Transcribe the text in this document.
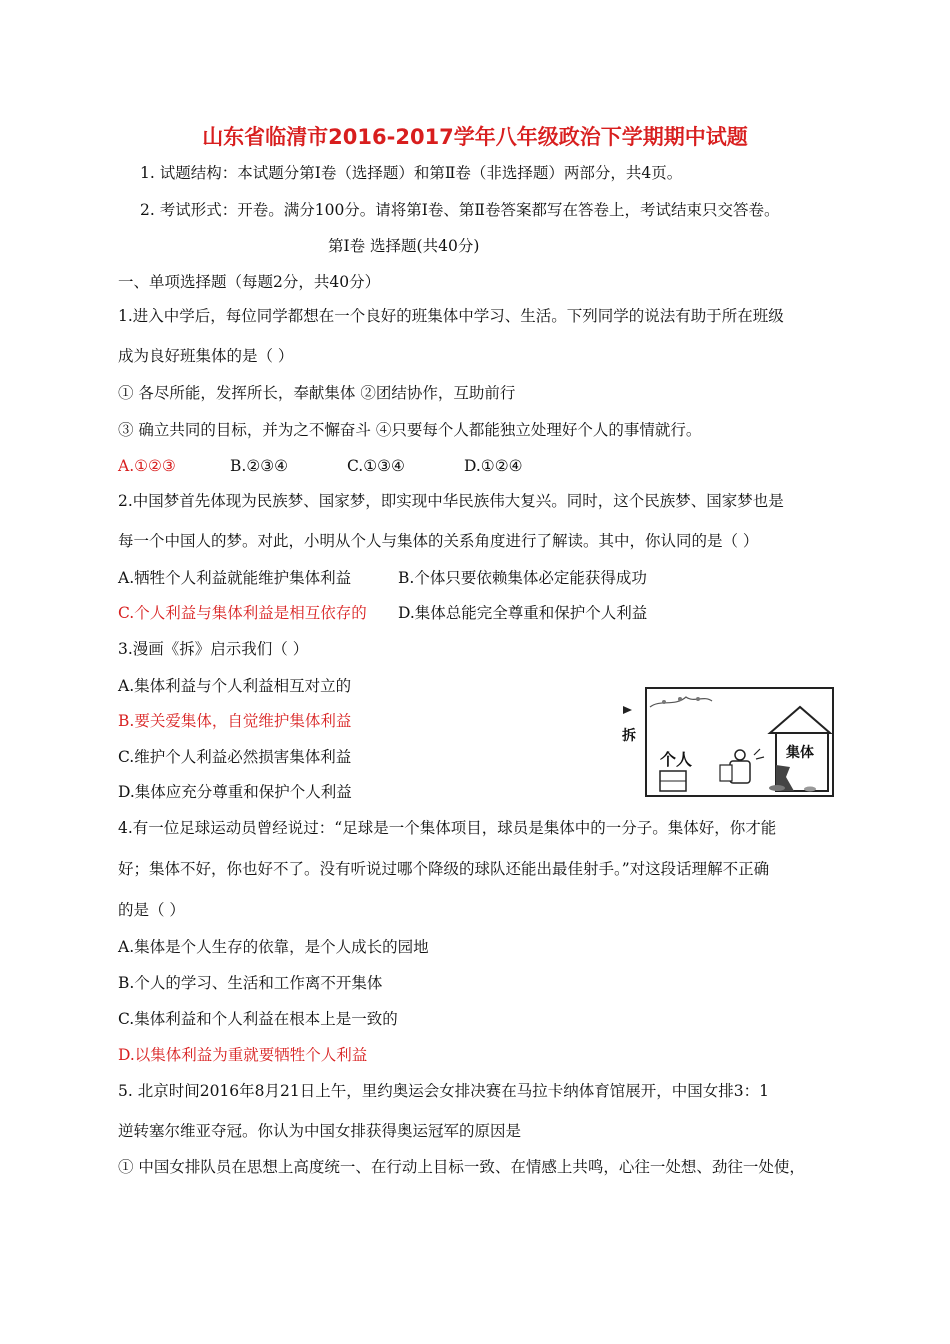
山东省临清市2016-2017学年八年级政治下学期期中试题
1. 试题结构：本试题分第Ⅰ卷（选择题）和第Ⅱ卷（非选择题）两部分，共4页。
2. 考试形式：开卷。满分100分。请将第Ⅰ卷、第Ⅱ卷答案都写在答卷上，考试结束只交答卷。
第Ⅰ卷 选择题(共40分)
一、单项选择题（每题2分，共40分）
1.进入中学后，每位同学都想在一个良好的班集体中学习、生活。下列同学的说法有助于所在班级
成为良好班集体的是（ ）
① 各尽所能，发挥所长，奉献集体 ②团结协作，互助前行
③ 确立共同的目标，并为之不懈奋斗 ④只要每个人都能独立处理好个人的事情就行。
A.①②③	B.②③④	C.①③④	D.①②④
2.中国梦首先体现为民族梦、国家梦，即实现中华民族伟大复兴。同时，这个民族梦、国家梦也是
每一个中国人的梦。对此，小明从个人与集体的关系角度进行了解读。其中，你认同的是（ ）
A.牺牲个人利益就能维护集体利益	B.个体只要依赖集体必定能获得成功
C.个人利益与集体利益是相互依存的 D.集体总能完全尊重和保护个人利益
3.漫画《拆》启示我们（ ）
A.集体利益与个人利益相互对立的
B.要关爱集体，自觉维护集体利益
C.维护个人利益必然损害集体利益
D.集体应充分尊重和保护个人利益
拆
个人	集体
4.有一位足球运动员曾经说过：“足球是一个集体项目，球员是集体中的一分子。集体好，你才能
好；集体不好，你也好不了。没有听说过哪个降级的球队还能出最佳射手。”对这段话理解不正确
的是（ ）
A.集体是个人生存的依靠，是个人成长的园地
B.个人的学习、生活和工作离不开集体
C.集体利益和个人利益在根本上是一致的
D.以集体利益为重就要牺牲个人利益
5. 北京时间2016年8月21日上午，里约奥运会女排决赛在马拉卡纳体育馆展开，中国女排3：1
逆转塞尔维亚夺冠。你认为中国女排获得奥运冠军的原因是
① 中国女排队员在思想上高度统一、在行动上目标一致、在情感上共鸣，心往一处想、劲往一处使，
